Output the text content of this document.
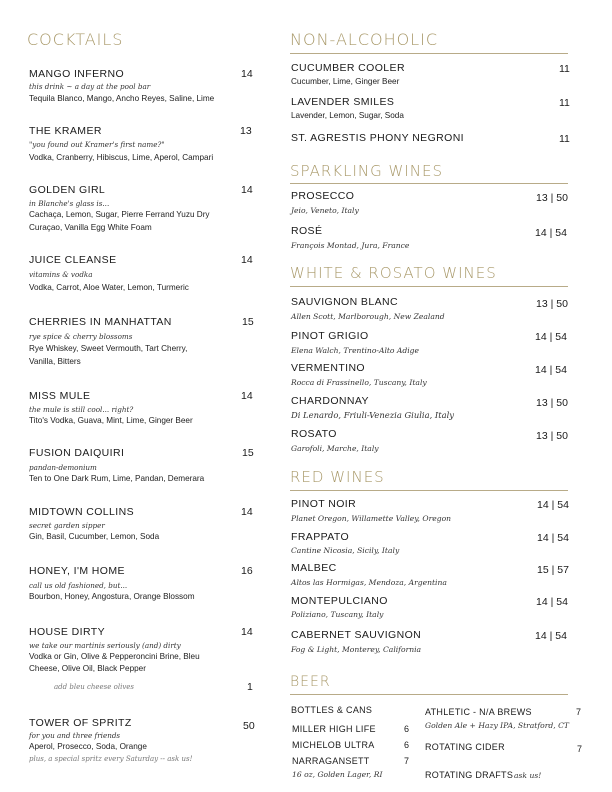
COCKTAILS
MANGO INFERNO	14
this drink ~ a day at the pool bar
Tequila Blanco, Mango, Ancho Reyes, Saline, Lime
THE KRAMER	13
"you found out Kramer's first name?"
Vodka, Cranberry, Hibiscus, Lime, Aperol, Campari
GOLDEN GIRL	14
in Blanche's glass is...
Cachaça, Lemon, Sugar, Pierre Ferrand Yuzu Dry
Curaçao, Vanilla Egg White Foam
JUICE CLEANSE	14
vitamins & vodka
Vodka, Carrot, Aloe Water, Lemon, Turmeric
CHERRIES IN MANHATTAN	15
rye spice & cherry blossoms
Rye Whiskey, Sweet Vermouth, Tart Cherry,
Vanilla, Bitters
MISS MULE	14
the mule is still cool... right?
Tito's Vodka, Guava, Mint, Lime, Ginger Beer
FUSION DAIQUIRI	15
pandan-demonium
Ten to One Dark Rum, Lime, Pandan, Demerara
MIDTOWN COLLINS	14
secret garden sipper
Gin, Basil, Cucumber, Lemon, Soda
HONEY, I'M HOME	16
call us old fashioned, but...
Bourbon, Honey, Angostura, Orange Blossom
HOUSE DIRTY	14
we take our martinis seriously (and) dirty
Vodka or Gin, Olive & Pepperoncini Brine, Bleu
Cheese, Olive Oil, Black Pepper
add bleu cheese olives	1
TOWER OF SPRITZ	50
for you and three friends
Aperol, Prosecco, Soda, Orange
plus, a special spritz every Saturday -- ask us!
NON-ALCOHOLIC
CUCUMBER COOLER	11
Cucumber, Lime, Ginger Beer
LAVENDER SMILES	11
Lavender, Lemon, Sugar, Soda
ST. AGRESTIS PHONY NEGRONI	11
SPARKLING WINES
PROSECCO	13 | 50
Jeio, Veneto, Italy
ROSÉ	14 | 54
François Montad, Jura, France
WHITE & ROSATO WINES
SAUVIGNON BLANC	13 | 50
Allen Scott, Marlborough, New Zealand
PINOT GRIGIO	14 | 54
Elena Walch, Trentino-Alto Adige
VERMENTINO	14 | 54
Rocca di Frassinello, Tuscany, Italy
CHARDONNAY	13 | 50
Di Lenardo, Friuli-Venezia Giulia, Italy
ROSATO	13 | 50
Garofoli, Marche, Italy
RED WINES
PINOT NOIR	14 | 54
Planet Oregon, Willamette Valley, Oregon
FRAPPATO	14 | 54
Cantine Nicosia, Sicily, Italy
MALBEC	15 | 57
Altos las Hormigas, Mendoza, Argentina
MONTEPULCIANO	14 | 54
Poliziano, Tuscany, Italy
CABERNET SAUVIGNON	14 | 54
Fog & Light, Monterey, California
BEER
BOTTLES & CANS
MILLER HIGH LIFE	6
MICHELOB ULTRA	6
NARRAGANSETT	7
16 oz, Golden Lager, RI
ATHLETIC - N/A BREWS	7
Golden Ale + Hazy IPA, Stratford, CT
ROTATING CIDER	7
ROTATING DRAFTS ask us!
